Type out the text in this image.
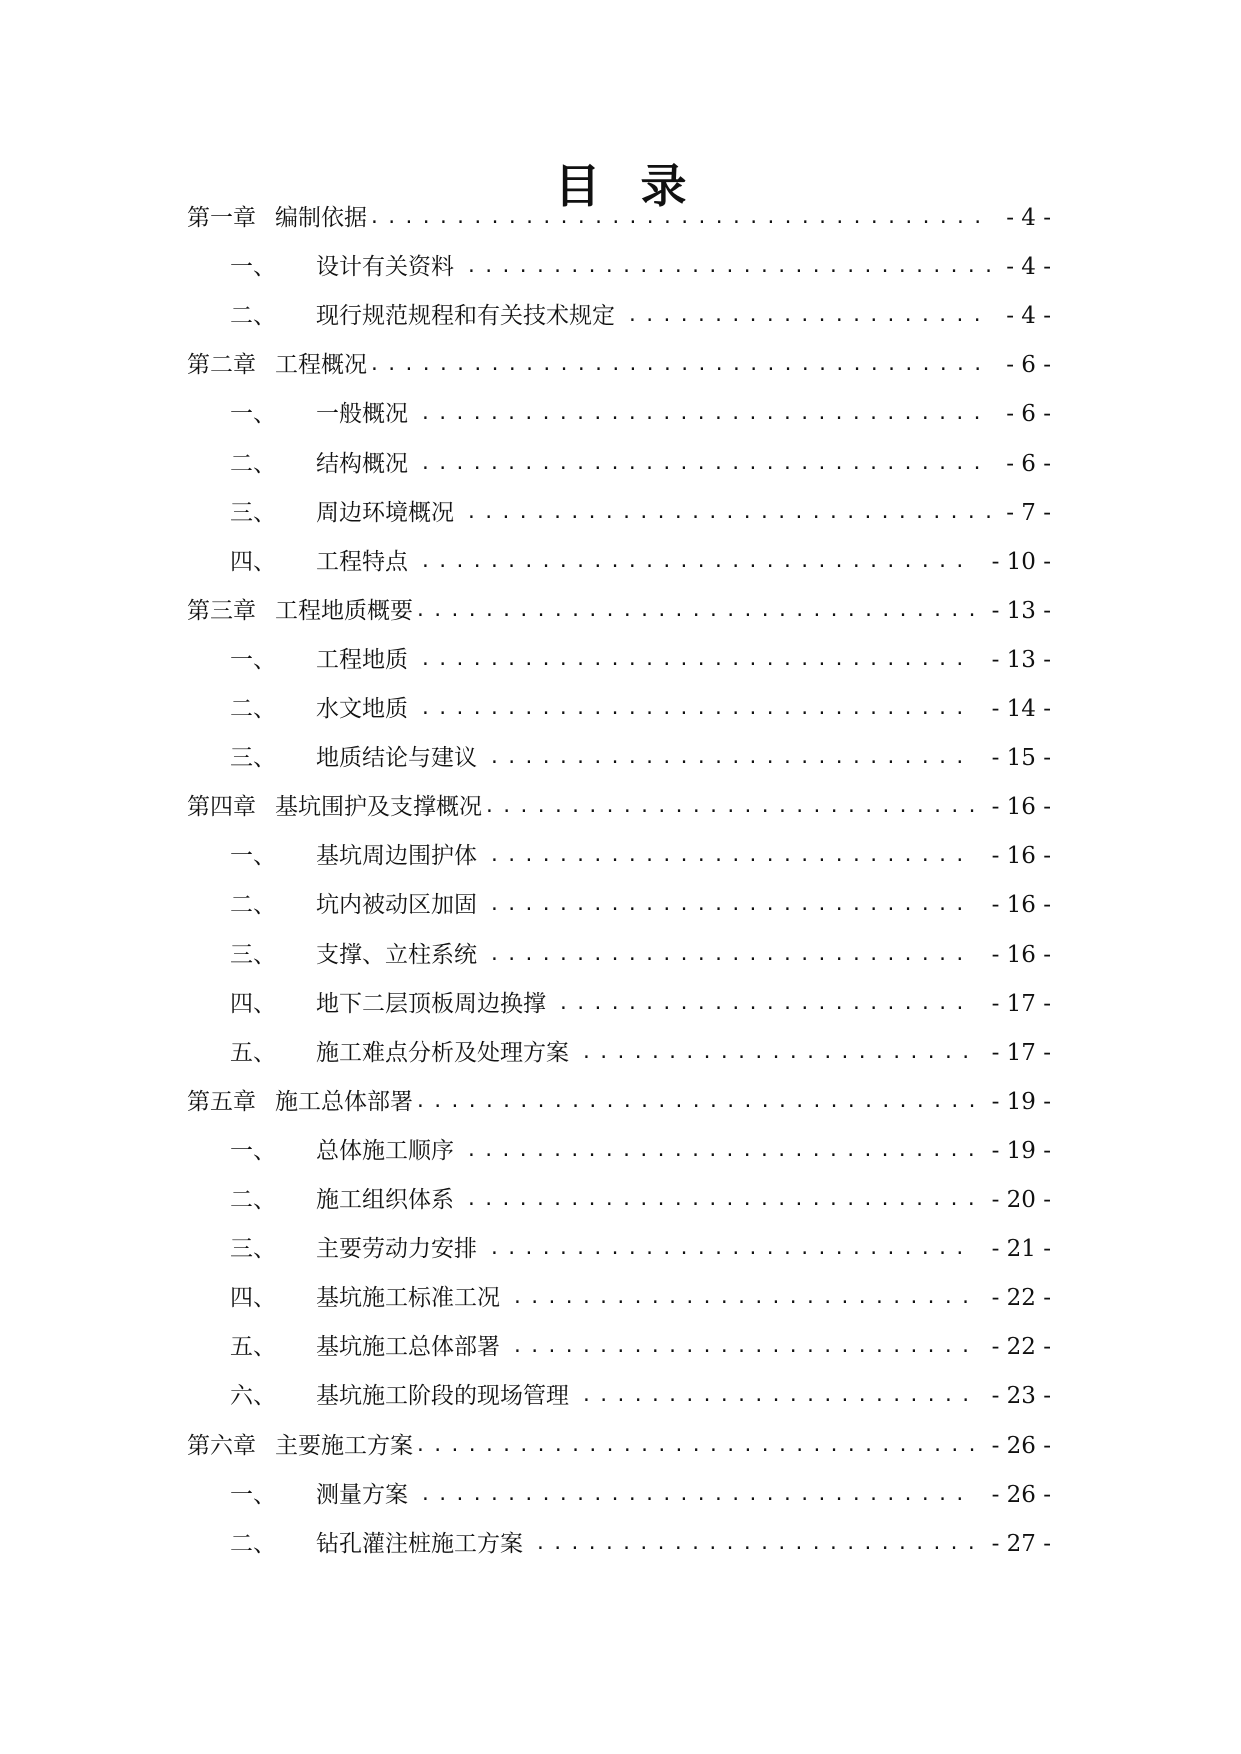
目 录
第一章 编制依据 .................................... - 4 -
一、 设计有关资料 ............................... - 4 -
二、 现行规范规程和有关技术规定 ..................... - 4 -
第二章 工程概况 .................................... - 6 -
一、 一般概况 ................................. - 6 -
二、 结构概况 ................................. - 6 -
三、 周边环境概况 ............................... - 7 -
四、 工程特点 ................................ - 10 -
第三章 工程地质概要 ................................. - 13 -
一、 工程地质 ................................ - 13 -
二、 水文地质 ................................ - 14 -
三、 地质结论与建议 ............................ - 15 -
第四章 基坑围护及支撑概况 ............................. - 16 -
一、 基坑周边围护体 ............................ - 16 -
二、 坑内被动区加固 ............................ - 16 -
三、 支撑、立柱系统 ............................ - 16 -
四、 地下二层顶板周边换撑 ........................ - 17 -
五、 施工难点分析及处理方案 ....................... - 17 -
第五章 施工总体部署 ................................. - 19 -
一、 总体施工顺序 .............................. - 19 -
二、 施工组织体系 .............................. - 20 -
三、 主要劳动力安排 ............................ - 21 -
四、 基坑施工标准工况 ........................... - 22 -
五、 基坑施工总体部署 ........................... - 22 -
六、 基坑施工阶段的现场管理 ....................... - 23 -
第六章 主要施工方案 ................................. - 26 -
一、 测量方案 ................................ - 26 -
二、 钻孔灌注桩施工方案 .......................... - 27 -
